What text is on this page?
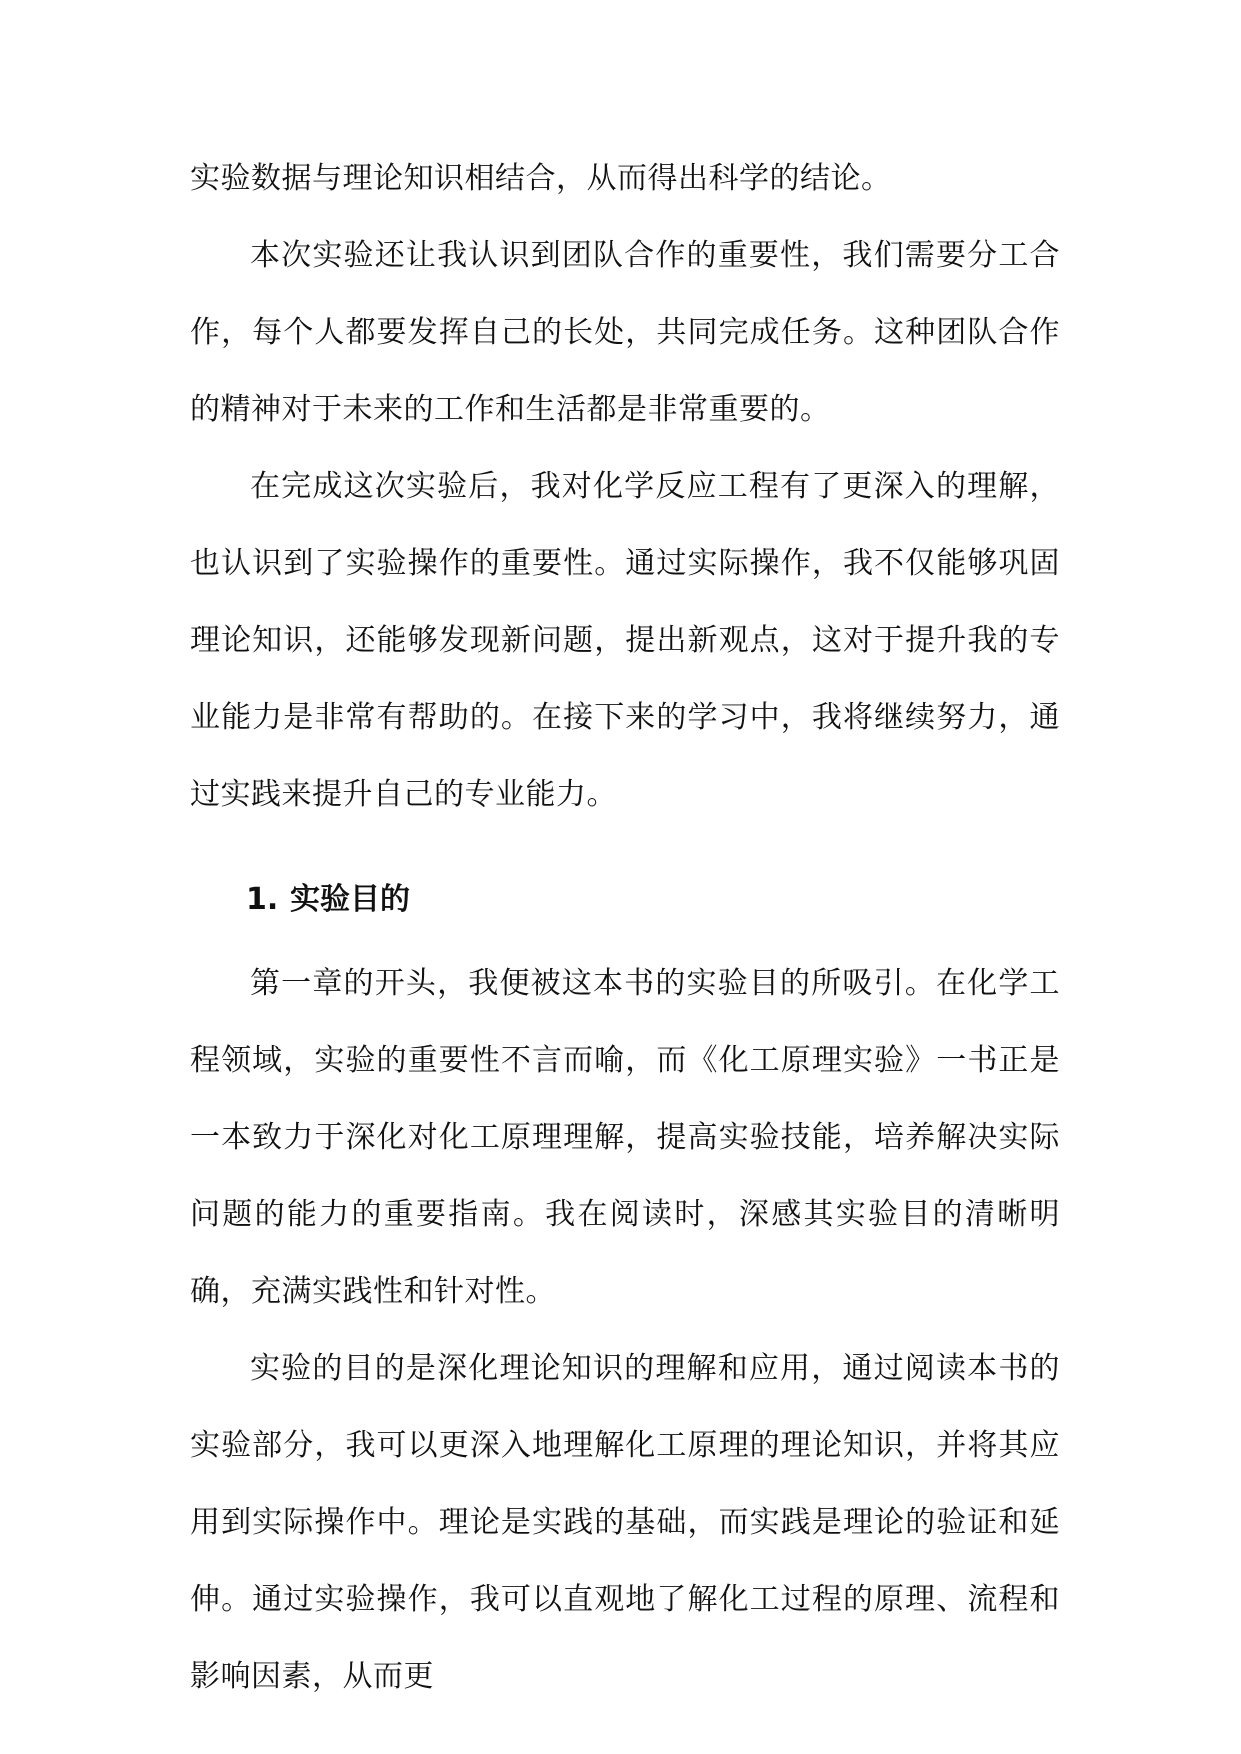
实验数据与理论知识相结合，从而得出科学的结论。

本次实验还让我认识到团队合作的重要性，我们需要分工合作，每个人都要发挥自己的长处，共同完成任务。这种团队合作的精神对于未来的工作和生活都是非常重要的。

在完成这次实验后，我对化学反应工程有了更深入的理解，也认识到了实验操作的重要性。通过实际操作，我不仅能够巩固理论知识，还能够发现新问题，提出新观点，这对于提升我的专业能力是非常有帮助的。在接下来的学习中，我将继续努力，通过实践来提升自己的专业能力。

1. 实验目的

第一章的开头，我便被这本书的实验目的所吸引。在化学工程领域，实验的重要性不言而喻，而《化工原理实验》一书正是一本致力于深化对化工原理理解，提高实验技能，培养解决实际问题的能力的重要指南。我在阅读时，深感其实验目的清晰明确，充满实践性和针对性。

实验的目的是深化理论知识的理解和应用，通过阅读本书的实验部分，我可以更深入地理解化工原理的理论知识，并将其应用到实际操作中。理论是实践的基础，而实践是理论的验证和延伸。通过实验操作，我可以直观地了解化工过程的原理、流程和影响因素，从而更
